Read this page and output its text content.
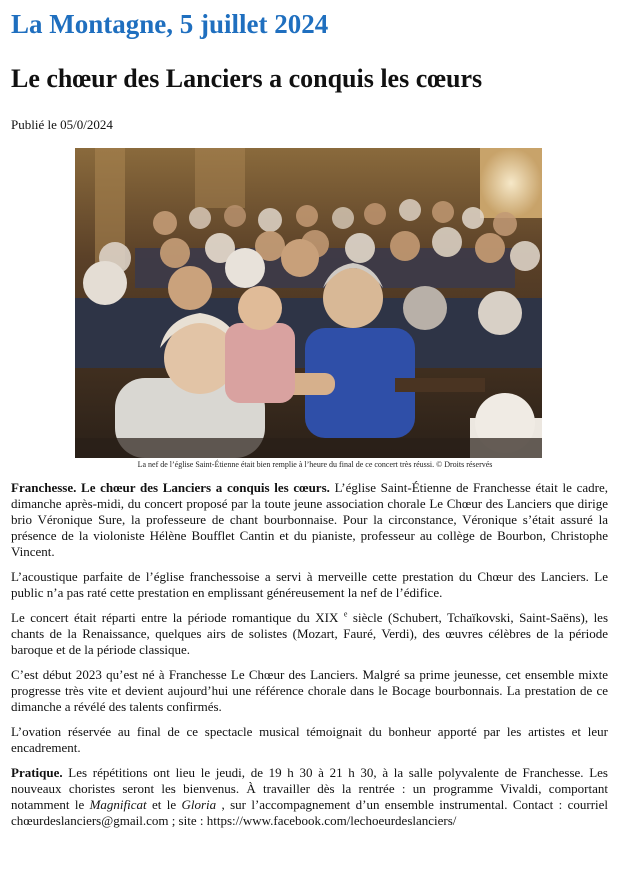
La Montagne, 5 juillet 2024
Le chœur des Lanciers a conquis les cœurs
Publié le 05/0/2024
La nef de l’église Saint-Étienne était bien remplie à l’heure du final de ce concert très réussi. © Droits réservés

Franchesse. Le chœur des Lanciers a conquis les cœurs. L’église Saint-Étienne de Franchesse était le cadre, dimanche après-midi, du concert proposé par la toute jeune association chorale Le Chœur des Lanciers que dirige brio Véronique Sure, la professeure de chant bourbonnaise. Pour la circonstance, Véronique s’était assuré la présence de la violoniste Hélène Boufflet Cantin et du pianiste, professeur au collège de Bourbon, Christophe Vincent.

L’acoustique parfaite de l’église franchessoise a servi à merveille cette prestation du Chœur des Lanciers. Le public n’a pas raté cette prestation en emplissant généreusement la nef de l’édifice.

Le concert était réparti entre la période romantique du XIX $^e$ siècle (Schubert, Tchaïkovski, Saint-Saëns), les chants de la Renaissance, quelques airs de solistes (Mozart, Fauré, Verdi), des œuvres célèbres de la période baroque et de la période classique.

C’est début 2023 qu’est né à Franchesse Le Chœur des Lanciers. Malgré sa prime jeunesse, cet ensemble mixte progresse très vite et devient aujourd’hui une référence chorale dans le Bocage bourbonnais. La prestation de ce dimanche a révélé des talents confirmés.

L’ovation réservée au final de ce spectacle musical témoignait du bonheur apporté par les artistes et leur encadrement.

Pratique. Les répétitions ont lieu le jeudi, de 19 h 30 à 21 h 30, à la salle polyvalente de Franchesse. Les nouveaux choristes seront les bienvenus. À travailler dès la rentrée : un programme Vivaldi, comportant notamment le Magnificat et le Gloria , sur l’accompagnement d’un ensemble instrumental. Contact : courriel chœurdeslanciers@gmail.com ; site : https://www.facebook.com/lechoeurdeslanciers/
